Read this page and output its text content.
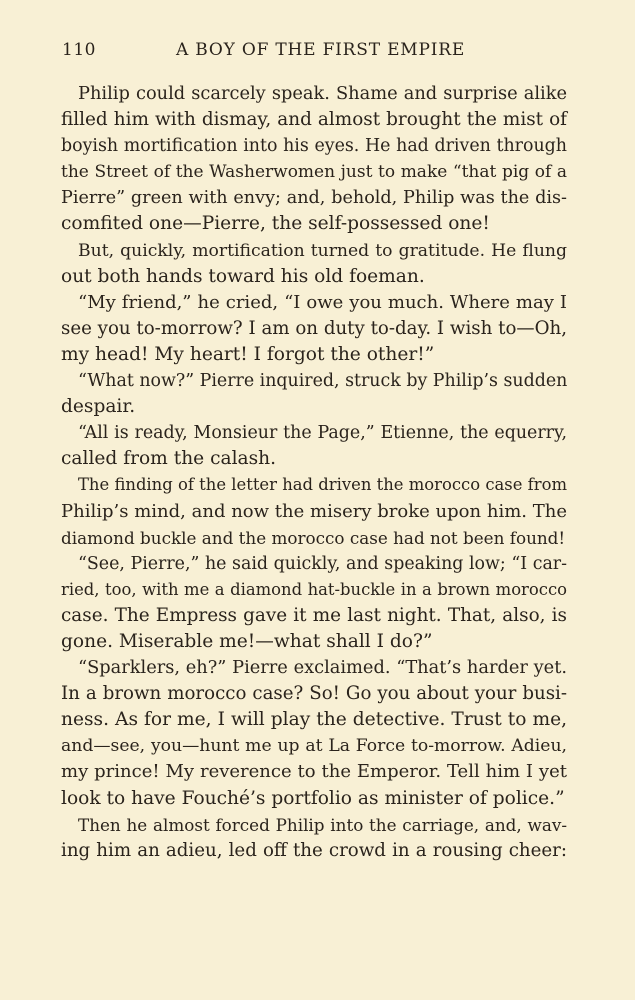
110	A BOY OF THE FIRST EMPIRE
Philip could scarcely speak. Shame and surprise alike
filled him with dismay, and almost brought the mist of
boyish mortification into his eyes. He had driven through
the Street of the Washerwomen just to make “that pig of a
Pierre” green with envy; and, behold, Philip was the dis-
comfited one—Pierre, the self-possessed one!
But, quickly, mortification turned to gratitude. He flung
out both hands toward his old foeman.
“My friend,” he cried, “I owe you much. Where may I
see you to-morrow? I am on duty to-day. I wish to—Oh,
my head! My heart! I forgot the other!”
“What now?” Pierre inquired, struck by Philip’s sudden
despair.
“All is ready, Monsieur the Page,” Etienne, the equerry,
called from the calash.
The finding of the letter had driven the morocco case from
Philip’s mind, and now the misery broke upon him. The
diamond buckle and the morocco case had not been found!
“See, Pierre,” he said quickly, and speaking low; “I car-
ried, too, with me a diamond hat-buckle in a brown morocco
case. The Empress gave it me last night. That, also, is
gone. Miserable me!—what shall I do?”
“Sparklers, eh?” Pierre exclaimed. “That’s harder yet.
In a brown morocco case? So! Go you about your busi-
ness. As for me, I will play the detective. Trust to me,
and—see, you—hunt me up at La Force to-morrow. Adieu,
my prince! My reverence to the Emperor. Tell him I yet
look to have Fouché’s portfolio as minister of police.”
Then he almost forced Philip into the carriage, and, wav-
ing him an adieu, led off the crowd in a rousing cheer:
